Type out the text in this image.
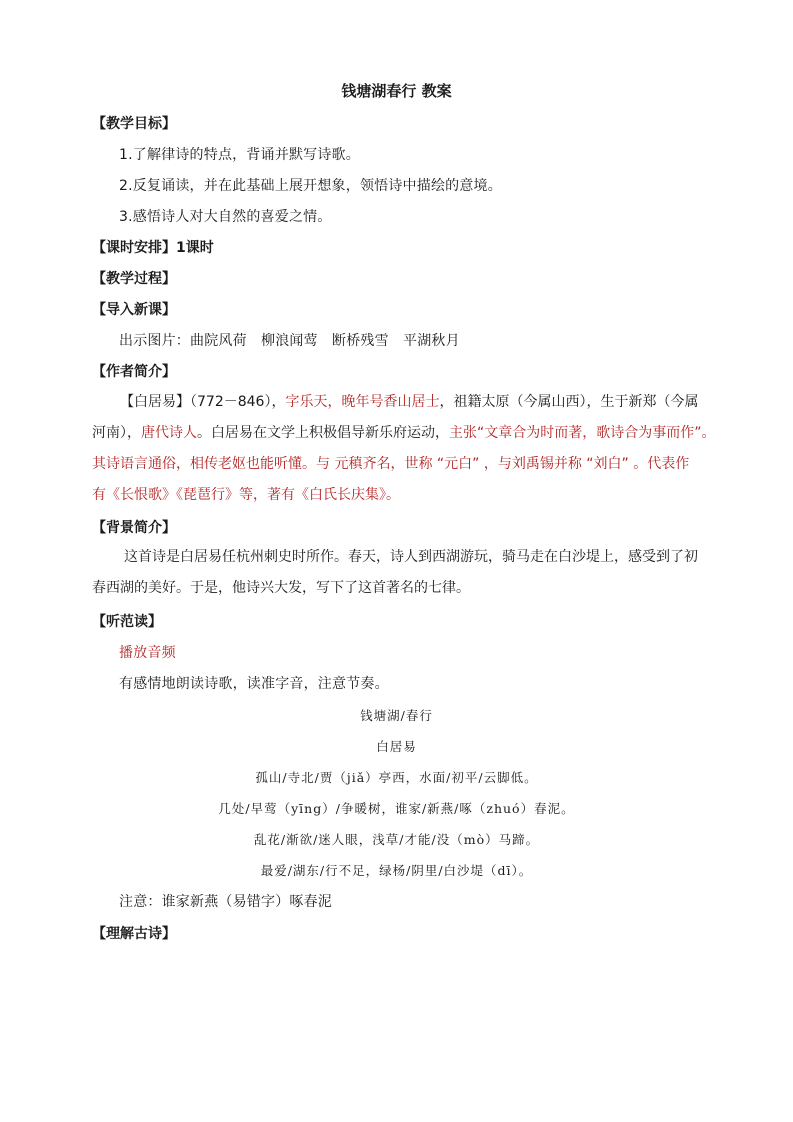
钱塘湖春行 教案
【教学目标】
1.了解律诗的特点，背诵并默写诗歌。
2.反复诵读，并在此基础上展开想象，领悟诗中描绘的意境。
3.感悟诗人对大自然的喜爱之情。
【课时安排】1课时
【教学过程】
【导入新课】
出示图片：曲院风荷　柳浪闻莺　断桥残雪　平湖秋月
【作者简介】
【白居易】（772－846），字乐天，晚年号香山居士，祖籍太原（今属山西），生于新郑（今属
河南），唐代诗人。白居易在文学上积极倡导新乐府运动，主张“文章合为时而著，歌诗合为事而作”。
其诗语言通俗，相传老妪也能听懂。与 元稹齐名，世称 “元白” ，与刘禹锡并称 “刘白” 。代表作
有《长恨歌》《琵琶行》等，著有《白氏长庆集》。
【背景简介】
这首诗是白居易任杭州刺史时所作。春天，诗人到西湖游玩，骑马走在白沙堤上，感受到了初
春西湖的美好。于是，他诗兴大发，写下了这首著名的七律。
【听范读】
播放音频
有感情地朗读诗歌，读准字音，注意节奏。
钱塘湖/春行
白居易
孤山/寺北/贾（jiǎ）亭西，水面/初平/云脚低。
几处/早莺（yīng）/争暖树，谁家/新燕/啄（zhuó）春泥。
乱花/渐欲/迷人眼，浅草/才能/没（mò）马蹄。
最爱/湖东/行不足，绿杨/阴里/白沙堤（dī）。
注意：谁家新燕（易错字）啄春泥
【理解古诗】
